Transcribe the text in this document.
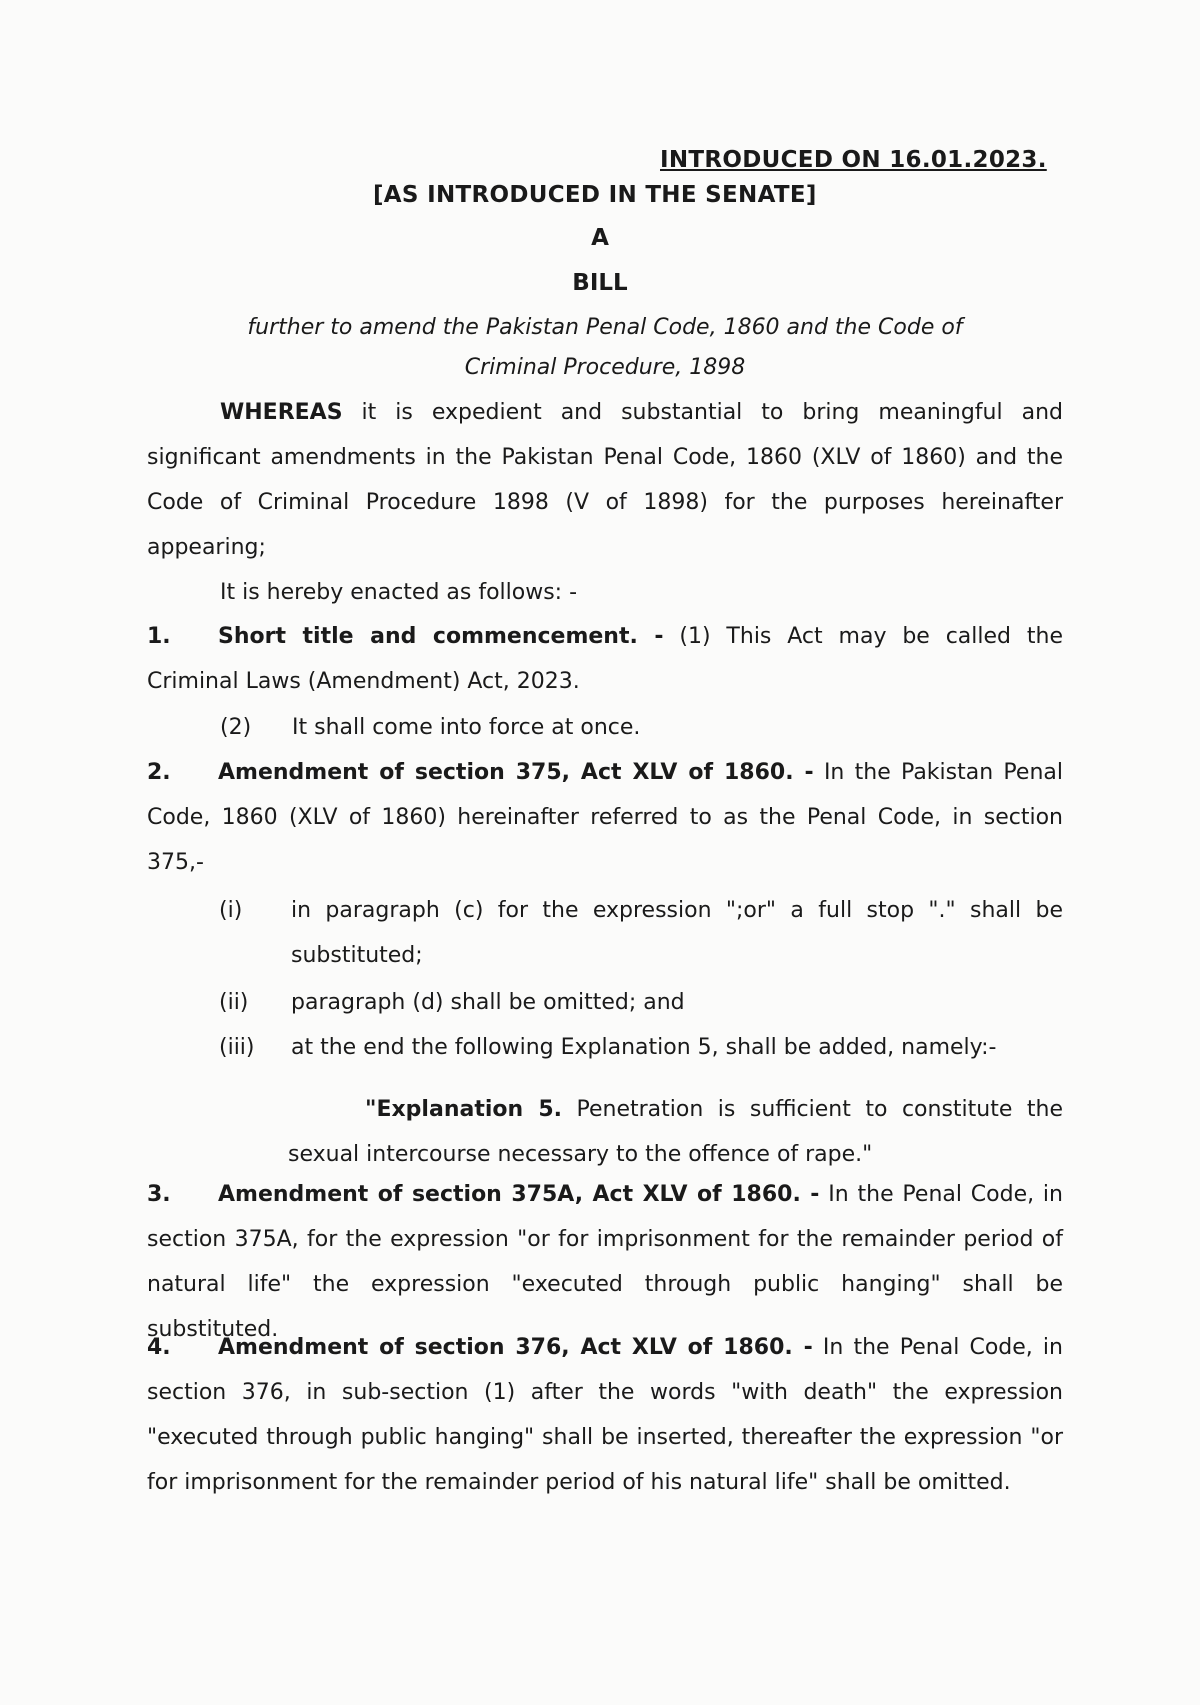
INTRODUCED ON 16.01.2023.
[AS INTRODUCED IN THE SENATE]
A
BILL
further to amend the Pakistan Penal Code, 1860 and the Code of
Criminal Procedure, 1898
WHEREAS it is expedient and substantial to bring meaningful and significant amendments in the Pakistan Penal Code, 1860 (XLV of 1860) and the Code of Criminal Procedure 1898 (V of 1898) for the purposes hereinafter appearing;
It is hereby enacted as follows: -
1. Short title and commencement. - (1) This Act may be called the Criminal Laws (Amendment) Act, 2023.
(2) It shall come into force at once.
2. Amendment of section 375, Act XLV of 1860. - In the Pakistan Penal Code, 1860 (XLV of 1860) hereinafter referred to as the Penal Code, in section 375,-
(i)	in paragraph (c) for the expression ";or" a full stop "." shall be substituted;
(ii)	paragraph (d) shall be omitted; and
(iii)	at the end the following Explanation 5, shall be added, namely:-
"Explanation 5. Penetration is sufficient to constitute the sexual intercourse necessary to the offence of rape."
3. Amendment of section 375A, Act XLV of 1860. - In the Penal Code, in section 375A, for the expression "or for imprisonment for the remainder period of natural life" the expression "executed through public hanging" shall be substituted.
4. Amendment of section 376, Act XLV of 1860. - In the Penal Code, in section 376, in sub-section (1) after the words "with death" the expression "executed through public hanging" shall be inserted, thereafter the expression "or for imprisonment for the remainder period of his natural life" shall be omitted.
